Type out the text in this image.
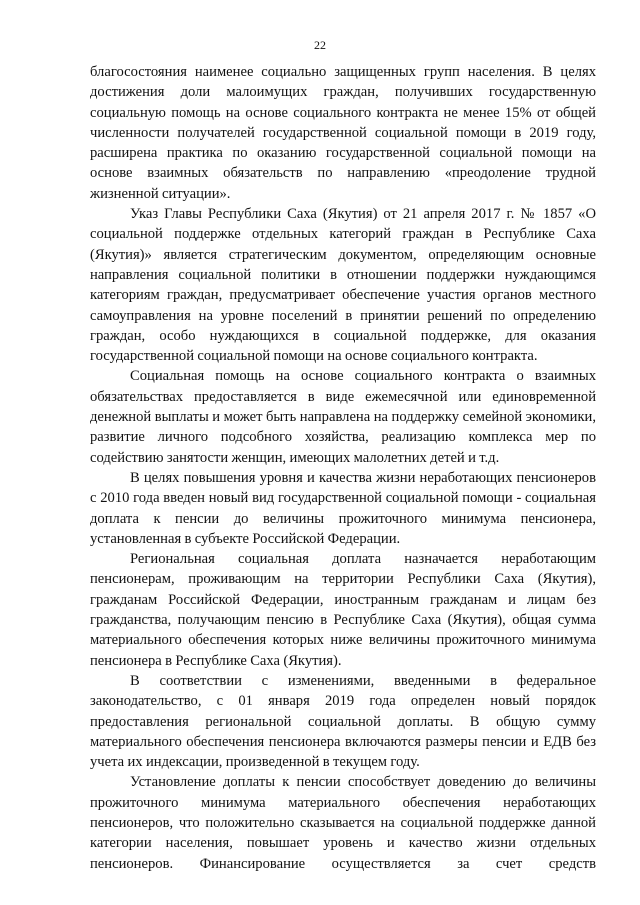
22

благосостояния наименее социально защищенных групп населения. В целях достижения доли малоимущих граждан, получивших государственную социальную помощь на основе социального контракта не менее 15% от общей численности получателей государственной социальной помощи в 2019 году, расширена практика по оказанию государственной социальной помощи на основе взаимных обязательств по направлению «преодоление трудной жизненной ситуации».

Указ Главы Республики Саха (Якутия) от 21 апреля 2017 г. № 1857 «О социальной поддержке отдельных категорий граждан в Республике Саха (Якутия)» является стратегическим документом, определяющим основные направления социальной политики в отношении поддержки нуждающимся категориям граждан, предусматривает обеспечение участия органов местного самоуправления на уровне поселений в принятии решений по определению граждан, особо нуждающихся в социальной поддержке, для оказания государственной социальной помощи на основе социального контракта.

Социальная помощь на основе социального контракта о взаимных обязательствах предоставляется в виде ежемесячной или единовременной денежной выплаты и может быть направлена на поддержку семейной экономики, развитие личного подсобного хозяйства, реализацию комплекса мер по содействию занятости женщин, имеющих малолетних детей и т.д.

В целях повышения уровня и качества жизни неработающих пенсионеров с 2010 года введен новый вид государственной социальной помощи - социальная доплата к пенсии до величины прожиточного минимума пенсионера, установленная в субъекте Российской Федерации.

Региональная социальная доплата назначается неработающим пенсионерам, проживающим на территории Республики Саха (Якутия), гражданам Российской Федерации, иностранным гражданам и лицам без гражданства, получающим пенсию в Республике Саха (Якутия), общая сумма материального обеспечения которых ниже величины прожиточного минимума пенсионера в Республике Саха (Якутия).

В соответствии с изменениями, введенными в федеральное законодательство, с 01 января 2019 года определен новый порядок предоставления региональной социальной доплаты. В общую сумму материального обеспечения пенсионера включаются размеры пенсии и ЕДВ без учета их индексации, произведенной в текущем году.

Установление доплаты к пенсии способствует доведению до величины прожиточного минимума материального обеспечения неработающих пенсионеров, что положительно сказывается на социальной поддержке данной категории населения, повышает уровень и качество жизни отдельных пенсионеров. Финансирование осуществляется за счет средств
